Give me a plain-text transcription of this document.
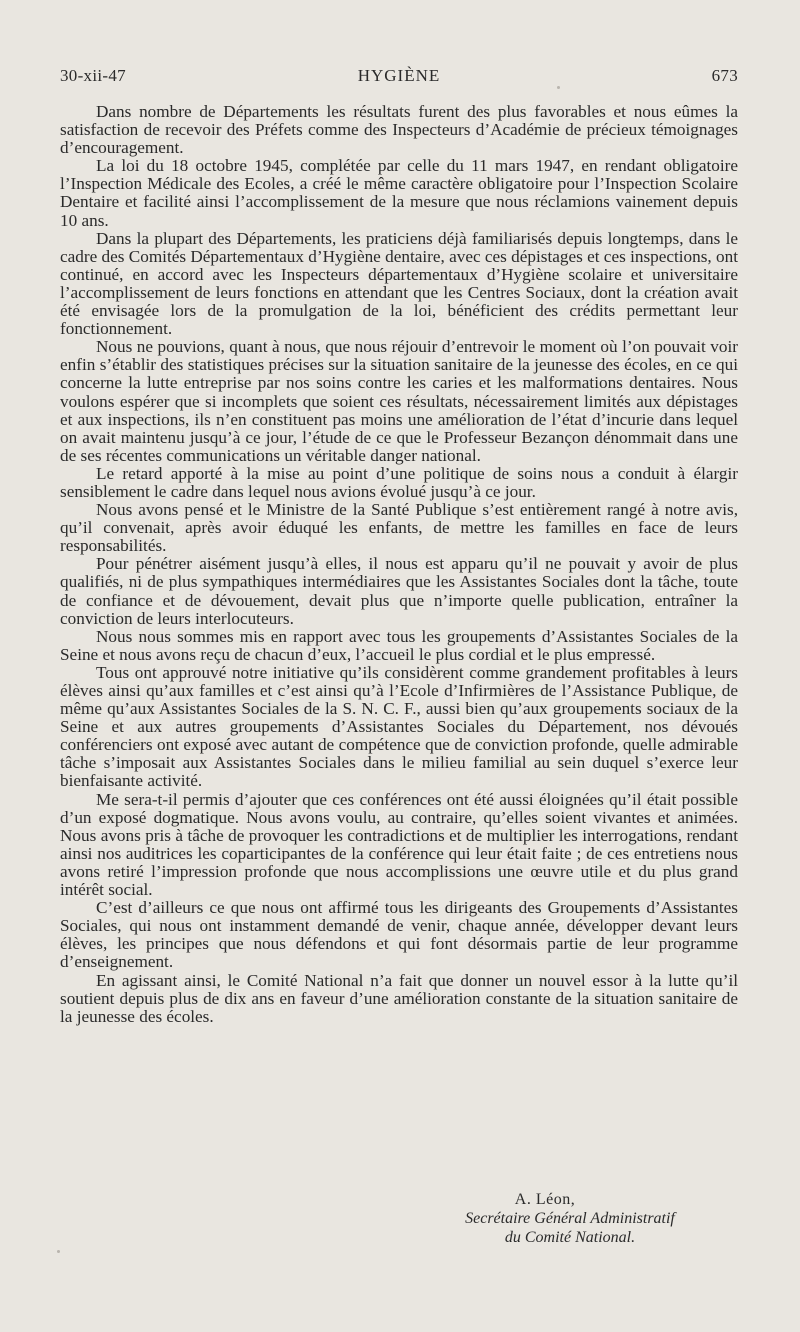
30-xii-47	HYGIÈNE	673

Dans nombre de Départements les résultats furent des plus favorables et nous eûmes la satisfaction de recevoir des Préfets comme des Inspecteurs d’Académie de précieux témoignages d’encouragement.

La loi du 18 octobre 1945, complétée par celle du 11 mars 1947, en rendant obligatoire l’Inspection Médicale des Ecoles, a créé le même caractère obligatoire pour l’Inspection Scolaire Dentaire et facilité ainsi l’accomplissement de la mesure que nous réclamions vainement depuis 10 ans.

Dans la plupart des Départements, les praticiens déjà familiarisés depuis longtemps, dans le cadre des Comités Départementaux d’Hygiène dentaire, avec ces dépistages et ces inspections, ont continué, en accord avec les Inspecteurs départementaux d’Hygiène scolaire et universitaire l’accomplissement de leurs fonctions en attendant que les Centres Sociaux, dont la création avait été envisagée lors de la promulgation de la loi, bénéficient des crédits permettant leur fonctionnement.

Nous ne pouvions, quant à nous, que nous réjouir d’entrevoir le moment où l’on pouvait voir enfin s’établir des statistiques précises sur la situation sanitaire de la jeunesse des écoles, en ce qui concerne la lutte entreprise par nos soins contre les caries et les malformations dentaires. Nous voulons espérer que si incomplets que soient ces résultats, nécessairement limités aux dépistages et aux inspections, ils n’en constituent pas moins une amélioration de l’état d’incurie dans lequel on avait maintenu jusqu’à ce jour, l’étude de ce que le Professeur Bezançon dénommait dans une de ses récentes communications un véritable danger national.

Le retard apporté à la mise au point d’une politique de soins nous a conduit à élargir sensiblement le cadre dans lequel nous avions évolué jusqu’à ce jour.

Nous avons pensé et le Ministre de la Santé Publique s’est entièrement rangé à notre avis, qu’il convenait, après avoir éduqué les enfants, de mettre les familles en face de leurs responsabilités.

Pour pénétrer aisément jusqu’à elles, il nous est apparu qu’il ne pouvait y avoir de plus qualifiés, ni de plus sympathiques intermédiaires que les Assistantes Sociales dont la tâche, toute de confiance et de dévouement, devait plus que n’importe quelle publication, entraîner la conviction de leurs interlocuteurs.

Nous nous sommes mis en rapport avec tous les groupements d’Assistantes Sociales de la Seine et nous avons reçu de chacun d’eux, l’accueil le plus cordial et le plus empressé.

Tous ont approuvé notre initiative qu’ils considèrent comme grandement profitables à leurs élèves ainsi qu’aux familles et c’est ainsi qu’à l’Ecole d’Infirmières de l’Assistance Publique, de même qu’aux Assistantes Sociales de la S. N. C. F., aussi bien qu’aux groupements sociaux de la Seine et aux autres groupements d’Assistantes Sociales du Département, nos dévoués conférenciers ont exposé avec autant de compétence que de conviction profonde, quelle admirable tâche s’imposait aux Assistantes Sociales dans le milieu familial au sein duquel s’exerce leur bienfaisante activité.

Me sera-t-il permis d’ajouter que ces conférences ont été aussi éloignées qu’il était possible d’un exposé dogmatique. Nous avons voulu, au contraire, qu’elles soient vivantes et animées. Nous avons pris à tâche de provoquer les contradictions et de multiplier les interrogations, rendant ainsi nos auditrices les coparticipantes de la conférence qui leur était faite ; de ces entretiens nous avons retiré l’impression profonde que nous accomplissions une œuvre utile et du plus grand intérêt social.

C’est d’ailleurs ce que nous ont affirmé tous les dirigeants des Groupements d’Assistantes Sociales, qui nous ont instamment demandé de venir, chaque année, développer devant leurs élèves, les principes que nous défendons et qui font désormais partie de leur programme d’enseignement.

En agissant ainsi, le Comité National n’a fait que donner un nouvel essor à la lutte qu’il soutient depuis plus de dix ans en faveur d’une amélioration constante de la situation sanitaire de la jeunesse des écoles.

A. Léon,
Secrétaire Général Administratif
du Comité National.
